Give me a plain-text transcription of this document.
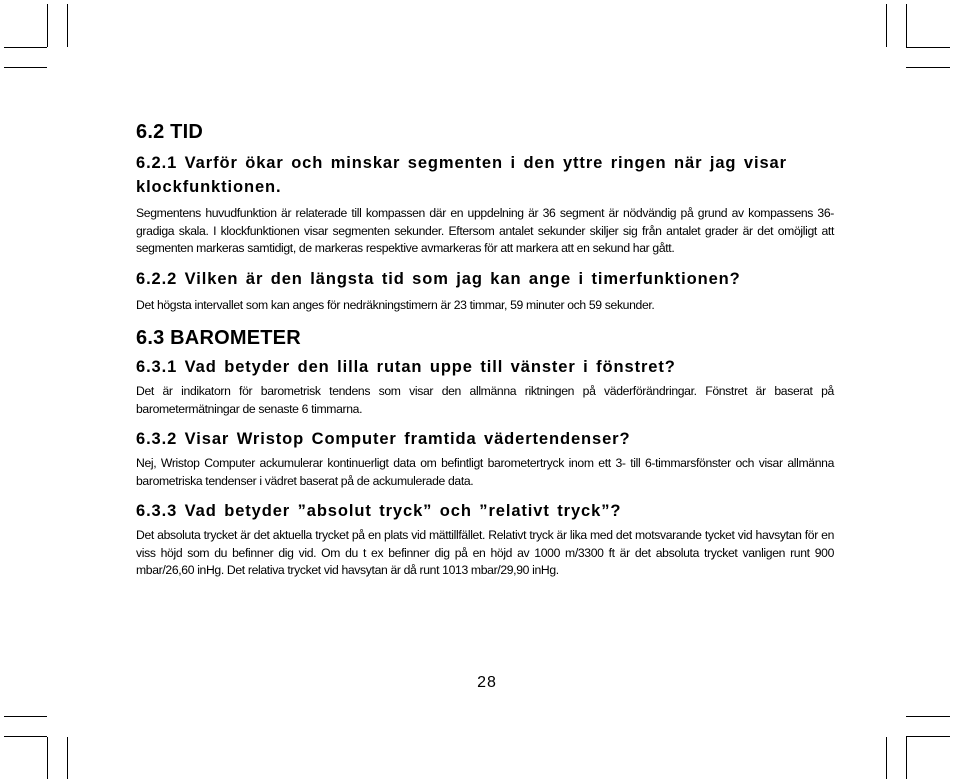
6.2 TID
6.2.1 Varför ökar och minskar segmenten i den yttre ringen när jag visar klockfunktionen.

Segmentens huvudfunktion är relaterade till kompassen där en uppdelning är 36 segment är nödvändig på grund av kompassens 36-gradiga skala. I klockfunktionen visar segmenten sekunder. Eftersom antalet sekunder skiljer sig från antalet grader är det omöjligt att segmenten markeras samtidigt, de markeras respektive avmarkeras för att markera att en sekund har gått.

6.2.2 Vilken är den längsta tid som jag kan ange i timerfunktionen?

Det högsta intervallet som kan anges för nedräkningstimern är 23 timmar, 59 minuter och 59 sekunder.

6.3 BAROMETER
6.3.1 Vad betyder den lilla rutan uppe till vänster i fönstret?

Det är indikatorn för barometrisk tendens som visar den allmänna riktningen på väderförändringar. Fönstret är baserat på barometermätningar de senaste 6 timmarna.

6.3.2 Visar Wristop Computer framtida vädertendenser?

Nej, Wristop Computer ackumulerar kontinuerligt data om befintligt barometertryck inom ett 3- till 6-timmarsfönster och visar allmänna barometriska tendenser i vädret baserat på de ackumulerade data.

6.3.3 Vad betyder ”absolut tryck” och ”relativt tryck”?

Det absoluta trycket är det aktuella trycket på en plats vid mättillfället. Relativt tryck är lika med det motsvarande tycket vid havsytan för en viss höjd som du befinner dig vid. Om du t ex befinner dig på en höjd av 1000 m/3300 ft är det absoluta trycket vanligen runt 900 mbar/26,60 inHg. Det relativa trycket vid havsytan är då runt 1013 mbar/29,90 inHg.

28
